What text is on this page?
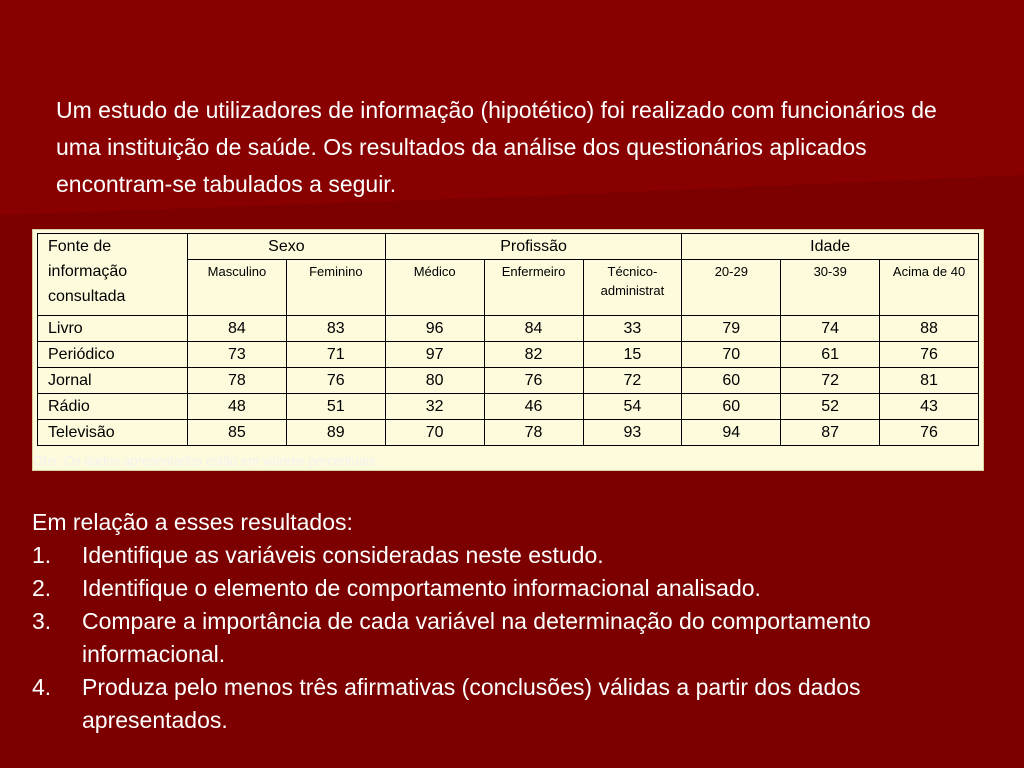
Um estudo de utilizadores de informação (hipotético) foi realizado com funcionários de uma instituição de saúde. Os resultados da análise dos questionários aplicados encontram-se tabulados a seguir.

Fonte de informação consultada	Sexo		Profissão			Idade		
	Masculino	Feminino	Médico	Enfermeiro	Técnico-administrat	20-29	30-39	Acima de 40
Livro	84	83	96	84	33	79	74	88
Periódico	73	71	97	82	15	70	61	76
Jornal	78	76	80	76	72	60	72	81
Rádio	48	51	32	46	54	60	52	43
Televisão	85	89	70	78	93	94	87	76
Obs. Os dados apresentados estão em valores percentuais.

Em relação a esses resultados:

1.	Identifique as variáveis consideradas neste estudo.
2.	Identifique o elemento de comportamento informacional analisado.
3.	Compare a importância de cada variável na determinação do comportamento informacional.
4.	Produza pelo menos três afirmativas (conclusões) válidas a partir dos dados apresentados.
